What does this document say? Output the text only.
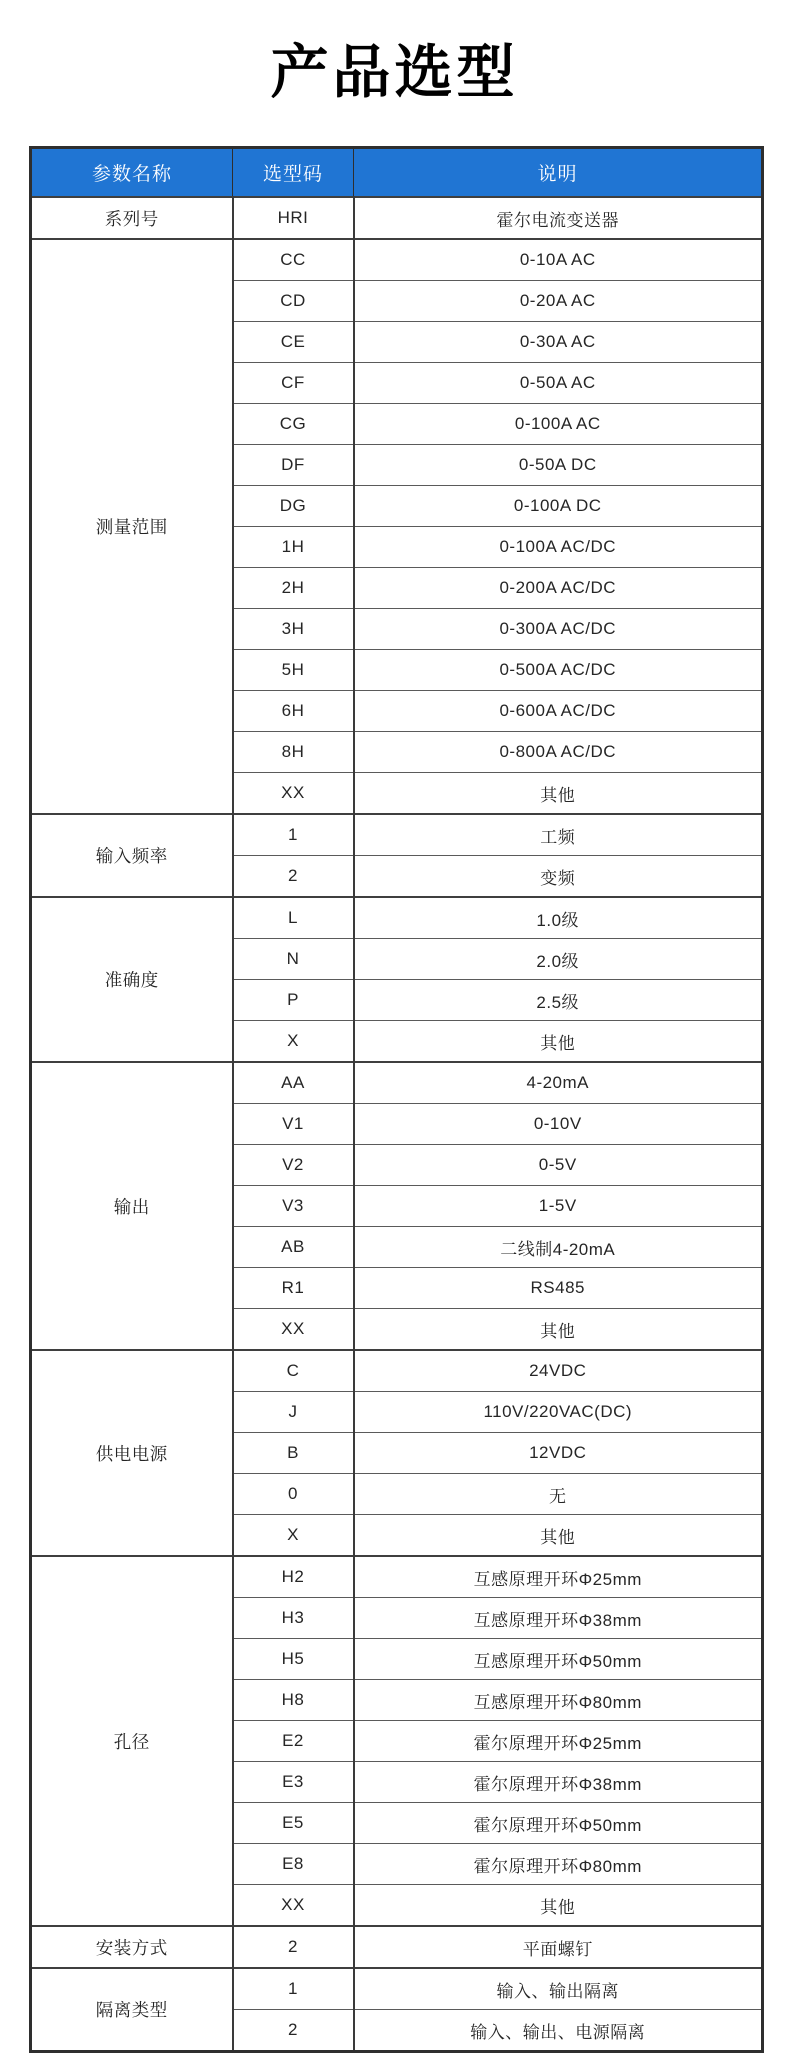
产品选型
参数名称	选型码	说明
系列号	HRI	霍尔电流变送器
测量范围	CC	0-10A AC
	CD	0-20A AC
	CE	0-30A AC
	CF	0-50A AC
	CG	0-100A AC
	DF	0-50A DC
	DG	0-100A DC
	1H	0-100A AC/DC
	2H	0-200A AC/DC
	3H	0-300A AC/DC
	5H	0-500A AC/DC
	6H	0-600A AC/DC
	8H	0-800A AC/DC
	XX	其他
输入频率	1	工频
	2	变频
准确度	L	1.0级
	N	2.0级
	P	2.5级
	X	其他
输出	AA	4-20mA
	V1	0-10V
	V2	0-5V
	V3	1-5V
	AB	二线制4-20mA
	R1	RS485
	XX	其他
供电电源	C	24VDC
	J	110V/220VAC(DC)
	B	12VDC
	0	无
	X	其他
孔径	H2	互感原理开环Φ25mm
	H3	互感原理开环Φ38mm
	H5	互感原理开环Φ50mm
	H8	互感原理开环Φ80mm
	E2	霍尔原理开环Φ25mm
	E3	霍尔原理开环Φ38mm
	E5	霍尔原理开环Φ50mm
	E8	霍尔原理开环Φ80mm
	XX	其他
安装方式	2	平面螺钉
隔离类型	1	输入、输出隔离
	2	输入、输出、电源隔离
